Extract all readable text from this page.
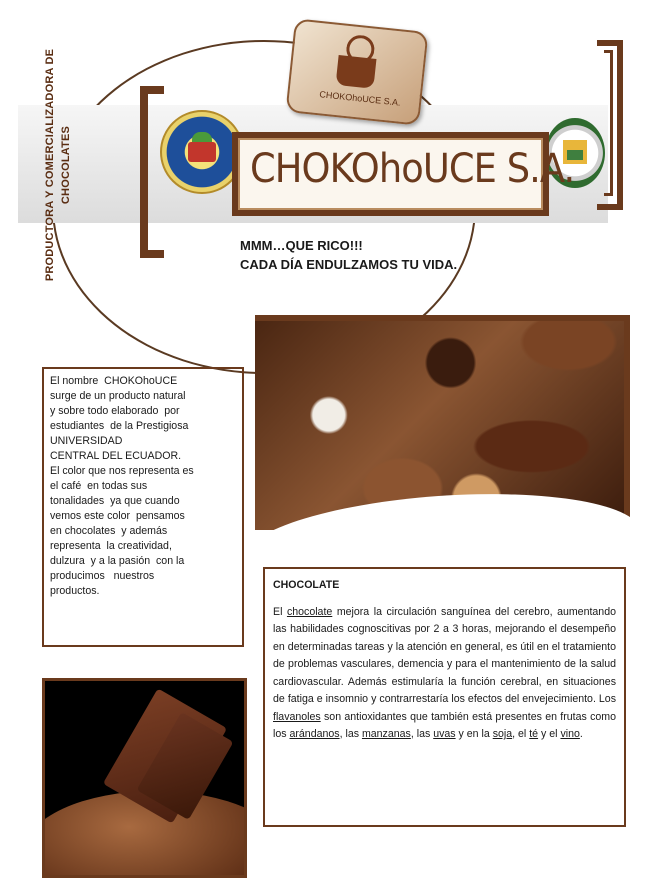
PRODUCTORA Y COMERCIALIZADORA DE CHOCOLATES
CHOKOhoUCE S.A.
CHOKOhoUCE S.A.
MMM…QUE RICO!!!
CADA DÍA ENDULZAMOS TU VIDA.
El nombre  CHOKOhoUCE
surge de un producto natural
y sobre todo elaborado  por
estudiantes  de la Prestigiosa
UNIVERSIDAD
CENTRAL DEL ECUADOR.
El color que nos representa es
el café  en todas sus
tonalidades  ya que cuando
vemos este color  pensamos
en chocolates  y además
representa  la creatividad,
dulzura  y a la pasión  con la
producimos   nuestros
productos.	CHOCOLATE
El chocolate mejora la circulación sanguínea del cerebro, aumentando las habilidades cognoscitivas por 2 a 3 horas, mejorando el desempeño en determinadas tareas y la atención en general, es útil en el tratamiento de problemas vasculares, demencia y para el mantenimiento de la salud cardiovascular. Además estimularía la función cerebral, en situaciones de fatiga e insomnio y contrarrestaría los efectos del envejecimiento. Los flavanoles son antioxidantes que también está presentes en frutas como los arándanos, las manzanas, las uvas y en la soja, el té y el vino.
